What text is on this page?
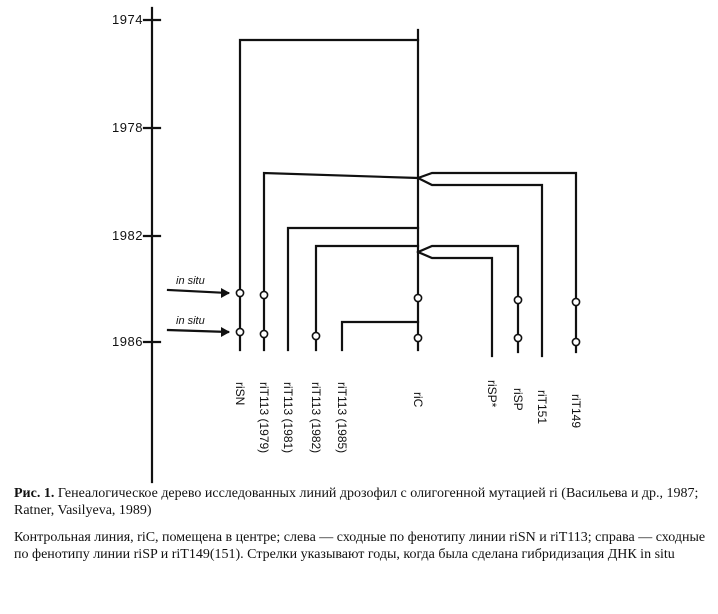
1974
1978
1982
1986
in situ
in situ
riSN riT113 (1979)
riT113 (1981)
riT113 (1982)
riT113 (1985)
riC	riSP* riSP riT151 riT149

Рис. 1. Генеалогическое дерево исследованных линий дрозофил с олигогенной мутацией ri (Васильева и др., 1987; Ratner, Vasilyeva, 1989)

Контрольная линия, riC, помещена в центре; слева — сходные по фенотипу линии riSN и riT113; справа — сходные по фенотипу линии riSP и riT149(151). Стрелки указывают годы, когда была сделана гибридизация ДНК in situ
